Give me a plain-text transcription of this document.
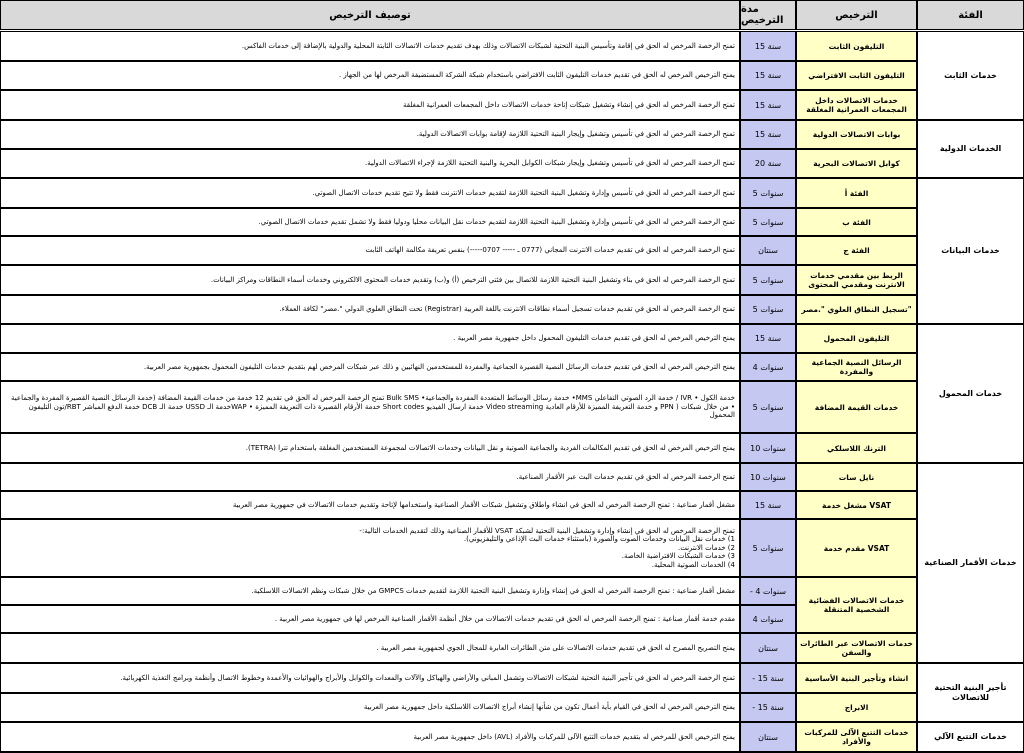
الفئة
الترخيص
مدة الترخيص
توصيف الترخيص
خدمات الثابت
التليفون الثابت
15 سنة
تمنح الرخصة المرخص له الحق في إقامة وتأسيس البنية التحتية لشبكات الاتصالات وذلك بهدف تقديم خدمات الاتصالات الثابتة المحلية والدولية بالإضافة إلى خدمات الفاكس.
التليفون الثابت الافتراضي
15 سنة
يمنح الترخيص المرخص له الحق في تقديم خدمات التليفون الثابت الافتراضي باستخدام شبكة الشركة المستضيفة المرخص لها من الجهاز .
خدمات الاتصالات داخل المجمعات العمرانية المغلقة
15 سنة
تمنح الرخصة المرخص له الحق في إنشاء وتشغيل شبكات إتاحة خدمات الاتصالات داخل المجمعات العمرانية المغلقة
الخدمات الدولية
بوابات الاتصالات الدولية
15 سنة
تمنح الرخصة المرخص له الحق في تأسيس وتشغيل وإيجار البنية التحتية اللازمة لإقامة بوابات الاتصالات الدولية.
كوابل الاتصالات البحرية
20 سنة
تمنح الرخصة المرخص له الحق في تأسيس وتشغيل وإيجار شبكات الكوابل البحرية والبنية التحتية اللازمة لإجراء الاتصالات الدولية.
خدمات البيانات
الفئة أ
5 سنوات
تمنح الرخصة المرخص له الحق في تأسيس وإدارة وتشغيل البنية التحتية اللازمة لتقديم خدمات الانترنت فقط ولا تتيح تقديم خدمات الاتصال الصوتي.
الفئة ب
5 سنوات
تمنح الرخصة المرخص له الحق في تأسيس وإدارة وتشغيل البنية التحتية اللازمة لتقديم خدمات نقل البيانات محليا ودوليا فقط ولا تشمل تقديم خدمات الاتصال الصوتي.
الفئة ج
سنتان
تمنح الرخصة المرخص له الحق في تقديم خدمات الانترنت المجاني (0777 ـ ----- 0707-----) بنفس تعريفة مكالمة الهاتف الثابت
الربط بين مقدمي خدمات الانترنت ومقدمي المحتوى
5 سنوات
تمنح الرخصة المرخص له الحق في بناء وتشغيل البنية التحتية اللازمة للاتصال بين فئتي الترخيص (أ) و(ب) وتقديم خدمات المحتوى الالكتروني وخدمات أسماء النطاقات ومراكز البيانات.
تسجيل النطاق العلوي ".مصر"
5 سنوات
تمنح الرخصة المرخص له الحق في تقديم خدمات تسجيل أسماء نطاقات الانترنت باللغة العربية (Registrar) تحت النطاق العلوي الدولي ".مصر" لكافة العملاء.
خدمات المحمول
التليفون المحمول
15 سنة
يمنح الترخيص المرخص له الحق في تقديم خدمات التليفون المحمول داخل جمهورية مصر العربية .
الرسائل النصية الجماعية والمفردة
4 سنوات
يمنح الترخيص المرخص له الحق في تقديم خدمات الرسائل النصية القصيرة الجماعية والمفردة للمستخدمين النهائيين و ذلك عبر شبكات المرخص لهم بتقديم خدمات التليفون المحمول بجمهورية مصر العربية.
خدمات القيمة المضافة
5 سنوات
خدمة الكول • IVR / خدمة الرد الصوتي التفاعلي MMS• خدمة رسائل الوسائط المتعددة المفردة والجماعية• Bulk SMS تمنح الرخصة المرخص له الحق في تقديم 12 خدمة من خدمات القيمة المضافة (خدمة الرسائل النصية القصيرة المفردة والجماعية • من خلال شبكات ( PPN و خدمة التعريفة المميزة للأرقام العادية Video streaming خدمة ارسال الفيديو Short codes خدمة الأرقام القصيرة ذات التعريفة المميزة • WAPخدمة الـ USSD خدمة الـ DCB خدمة الدفع المباشر RBT/تون التليفون المحمول
الترنك اللاسلكي
10 سنوات
يمنح الترخيص المرخص له الحق في تقديم المكالمات الفردية والجماعية الصوتية و نقل البيانات وخدمات الاتصالات لمجموعة المستخدمين المغلقة باستخدام تترا (TETRA).
خدمات الأقمار الصناعية
نايل سات
10 سنوات
تمنح الرخصة المرخص له الحق في تقديم خدمات البث عبر الأقمار الصناعية.
مشغل خدمة VSAT
15 سنة
مشغل أقمار صناعية : تمنح الرخصة المرخص له الحق في انشاء واطلاق وتشغيل شبكات الأقمار الصناعية واستخدامها لإتاحة وتقديم خدمات الاتصالات في جمهورية مصر العربية
مقدم خدمة VSAT
5 سنوات
تمنح الرخصة المرخص له الحق في إنشاء وإدارة وتشغيل البنية التحتية لشبكة VSAT للأقمار الصناعية وذلك لتقديم الخدمات التالية:-
1) خدمات نقل البيانات وخدمات الصوت والصورة (باستثناء خدمات البث الإذاعي والتليفزيوني).
2) خدمات الانترنت.
3) خدمات الشبكات الافتراضية الخاصة.
4) الخدمات الصوتية المحلية.
خدمات الاتصالات الفضائية الشخصية المتنقلة
- 4 سنوات
مشغل أقمار صناعية : تمنح الرخصة المرخص له الحق في إنشاء وإدارة وتشغيل البنية التحتية اللازمة لتقديم خدمات GMPCS من خلال شبكات ونظم الاتصالات اللاسلكية.
4 سنوات
مقدم خدمة أقمار صناعية : تمنح الرخصة المرخص له الحق في تقديم خدمات الاتصالات من خلال أنظمة الأقمار الصناعية المرخص لها في جمهورية مصر العربية .
خدمات الاتصالات عبر الطائرات والسفن
سنتان
يمنح التصريح المصرح له الحق في تقديم خدمات الاتصالات على متن الطائرات العابرة للمجال الجوي لجمهورية مصر العربية .
تأجير البنية التحتية للاتصالات
انشاء وتأجير البنية الأساسية
- 15 سنة
تمنح الرخصة المرخص له الحق في تأجير البنية التحتية لشبكات الاتصالات وتشمل المباني والأراضي والهياكل والآلات والمعدات والكوابل والأبراج والهوائيات والأعمدة وخطوط الاتصال وأنظمة وبرامج التغذية الكهربائية.
الابراج
- 15 سنة
يمنح الترخيص المرخص له الحق في القيام بأية أعمال تكون من شأنها إنشاء أبراج الاتصالات اللاسلكية داخل جمهورية مصر العربية
خدمات التتبع الآلي
خدمات التتبع الآلى للمركبات والأفراد
سنتان
يمنح الترخيص الحق للمرخص له بتقديم خدمات التتبع الآلى للمركبات والأفراد (AVL) داخل جمهورية مصر العربية
